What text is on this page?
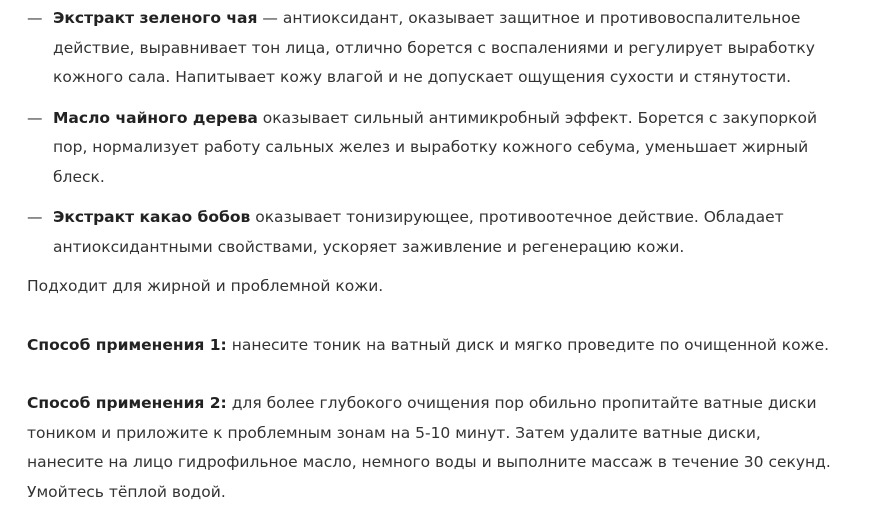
— Экстракт зеленого чая — антиоксидант, оказывает защитное и противовоспалительное действие, выравнивает тон лица, отлично борется с воспалениями и регулирует выработку кожного сала. Напитывает кожу влагой и не допускает ощущения сухости и стянутости.
— Масло чайного дерева оказывает сильный антимикробный эффект. Борется с закупоркой пор, нормализует работу сальных желез и выработку кожного себума, уменьшает жирный блеск.
— Экстракт какао бобов оказывает тонизирующее, противоотечное действие. Обладает антиоксидантными свойствами, ускоряет заживление и регенерацию кожи.

Подходит для жирной и проблемной кожи.

Способ применения 1: нанесите тоник на ватный диск и мягко проведите по очищенной коже.

Способ применения 2: для более глубокого очищения пор обильно пропитайте ватные диски тоником и приложите к проблемным зонам на 5-10 минут. Затем удалите ватные диски, нанесите на лицо гидрофильное масло, немного воды и выполните массаж в течение 30 секунд. Умойтесь тёплой водой.
